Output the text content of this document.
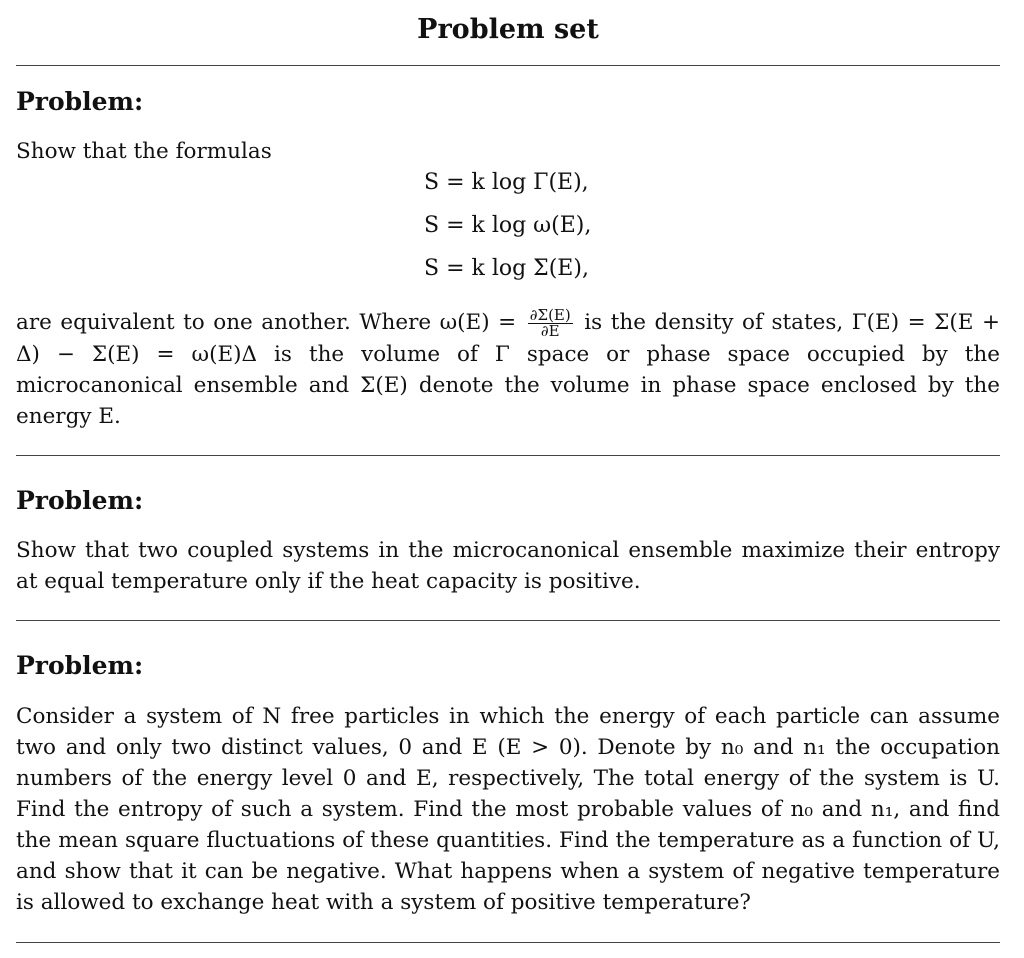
Problem set
Problem:
Show that the formulas
S = k log Γ(E),
S = k log ω(E),
S = k log Σ(E),
are equivalent to one another. Where $\omega(E) = \frac{\partial\Sigma(E)}{\partial E}$ is the density of states, Γ(E) = Σ(E + Δ) − Σ(E) = ω(E)Δ is the volume of Γ space or phase space occupied by the microcanonical ensemble and Σ(E) denote the volume in phase space enclosed by the energy E.
Problem:
Show that two coupled systems in the microcanonical ensemble maximize their entropy at equal temperature only if the heat capacity is positive.
Problem:
Consider a system of N free particles in which the energy of each particle can assume two and only two distinct values, 0 and E (E > 0). Denote by n₀ and n₁ the occupation numbers of the energy level 0 and E, respectively, The total energy of the system is U. Find the entropy of such a system. Find the most probable values of n₀ and n₁, and find the mean square fluctuations of these quantities. Find the temperature as a function of U, and show that it can be negative. What happens when a system of negative temperature is allowed to exchange heat with a system of positive temperature?
